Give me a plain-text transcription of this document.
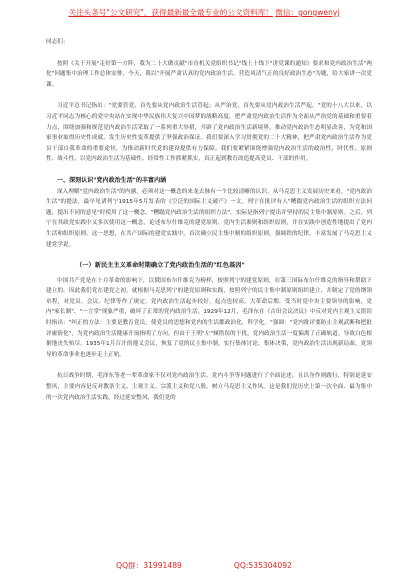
关注头条号"公文研究"，获得最新最全最专业的公文资料库！ 微信：gongwenyj

同志们：

按照《关于开展"走好第一方阵，我为二十大做贡献"市直机关党组织书记"线上十线下"讲党课的通知》要求和党内政治生活"两化"问题集中治理工作总体安排，今天，我以"开展严肃认真的党内政治生活，营造风清气正的良好政治生态"为题，给大家讲一次党课。

习近平总书记指出："党要管党，首先要从党内政治生活管起；从严治党，首先要从党内政治生活严起。"党的十八大以来，以习近平同志为核心的党中央站在实现中华民族伟大复兴中国梦的战略高度，把严肃党内政治生活作为全面从严治党的基础和重要着力点，围绕加强和规范党内政治生活采取了一系列重大举措，开辟了党内政治生活新境界，推动党内政治生态明显改善，为党和国家事业取得历史性成就、发生历史性变革提供了坚强政治保证。我们要深入学习贯彻党的二十大精神，把严肃党内政治生活作为党员干部自我革命的重要途径，为推动新时代党的建设提供有力保障。我们要紧紧围绕增强党内政治生活的政治性、时代性、原则性、战斗性，以党内政治生活为基础性、经常性工作抓紧抓实，真正起到教育改造提高党员、干部的作用。

一、深刻认识"党内政治生活"的丰富内涵

深入理解"党内政治生活"的内涵，必须对这一概念的来龙去脉有一个比较清晰的认识。从马克思主义发展历史来看，"党内政治生活"的提法，最早见诸列宁1915年5月发表的《空泛的国际主义破产》一文。列宁在批评有人"糟蹋党内政治生活的组织方法问题，提出不同的意见"时使用了这一概念。"糟蹋党内政治生活的组织方法"，实际是指列宁提出并坚持的民主集中制原则。之后，列宁在其政党实践中又多次使用这一概念，论述布尔什维克的建党原则、党内生活准则和组织原则，并在实践中创造性地提出了党内生活和组织原则。这一思想，在共产国际的建党实践中，首次确立民主集中制的组织原则，强调铁的纪律，丰富发展了马克思主义建党学说。

（一）新民主主义革命时期确立了党内政治生活的"红色基因"

中国共产党是在十月革命的影响下，以俄国布尔什维克为榜样，按照列宁的建党原则，在第三国际布尔什维克的指导和帮助下建立的。因此我们党在建党之初，就根据马克思列宁的建党原则和实践，按照列宁的民主集中制原则组织建立，并制定了党的纲领章程，对党员、会议、纪律等作了规定。党内政治生活起步较好，起点也较高。大革命后期，受当时党中央主要领导的影响，党内"家长制"、"一言堂"现象严重，破坏了正常的党内政治生活。1929年12月，毛泽东在《古田会议决议》中反对党内主观主义错误时指出："纠正的方法：主要是教育党员，使党员的思想和党内的生活都政治化、科学化。"强调："党内批评要防止主观武断和把批评庸俗化"，为党内政治生活健康开展指明了方向。但由于王明"左"倾错误的干扰，党内政治生活一度偏离了正确轨道，导致白色根据地丧失殆尽。1935年1月召开的遵义会议，恢复了党的民主集中制，实行集体讨论、集体决策，党内政治生活出现新局面，党领导的革命事业也逐步走上正轨。

抗日战争时期，毛泽东等老一辈革命家不仅对党内政治生活、党内斗争等问题进行了全面论述，且以身作则践行，特别是延安整风，主要内容是反对教条主义、主观主义、宗派主义和党八股，树立马克思主义作风。这是我们党历史上第一次全面、最为集中的一次党内政治生活实践，经过延安整风，我们党的

QQ群：31991489	QQ:535304092
